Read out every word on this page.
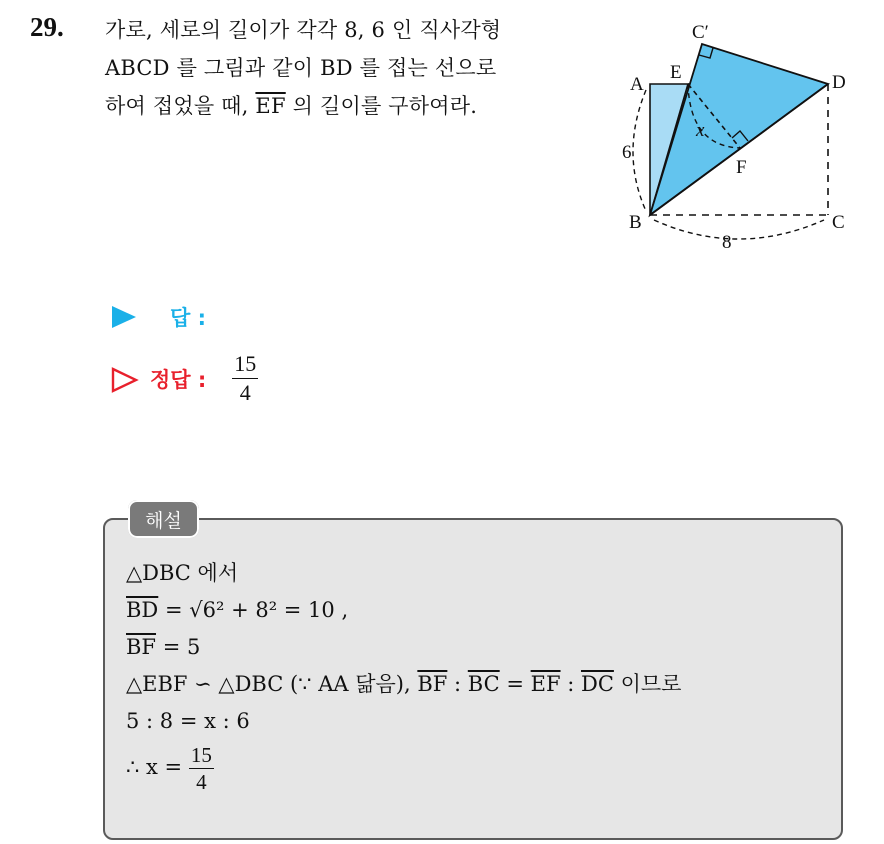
29. 가로, 세로의 길이가 각각 8, 6 인 직사각형
ABCD 를 그림과 같이 BD 를 접는 선으로
하여 접었을 때, $\overline{EF}$ 의 길이를 구하여라.
C′
A
E	D
x
F
6
B	C
8
답 :
정답 : $\frac{15}{4}$
해설
△DBC 에서
$\overline{BD} = √6^2 + 8^2 = 10$ ,
$\overline{BF} = 5$
△EBF ∽ △DBC (∵ AA 닮음), $\overline{BF}$ : $\overline{BC} = \overline{EF}$ : $\overline{DC}$ 이므로
5 : 8 = x : 6
∴ $x = \frac{15}{4}$
